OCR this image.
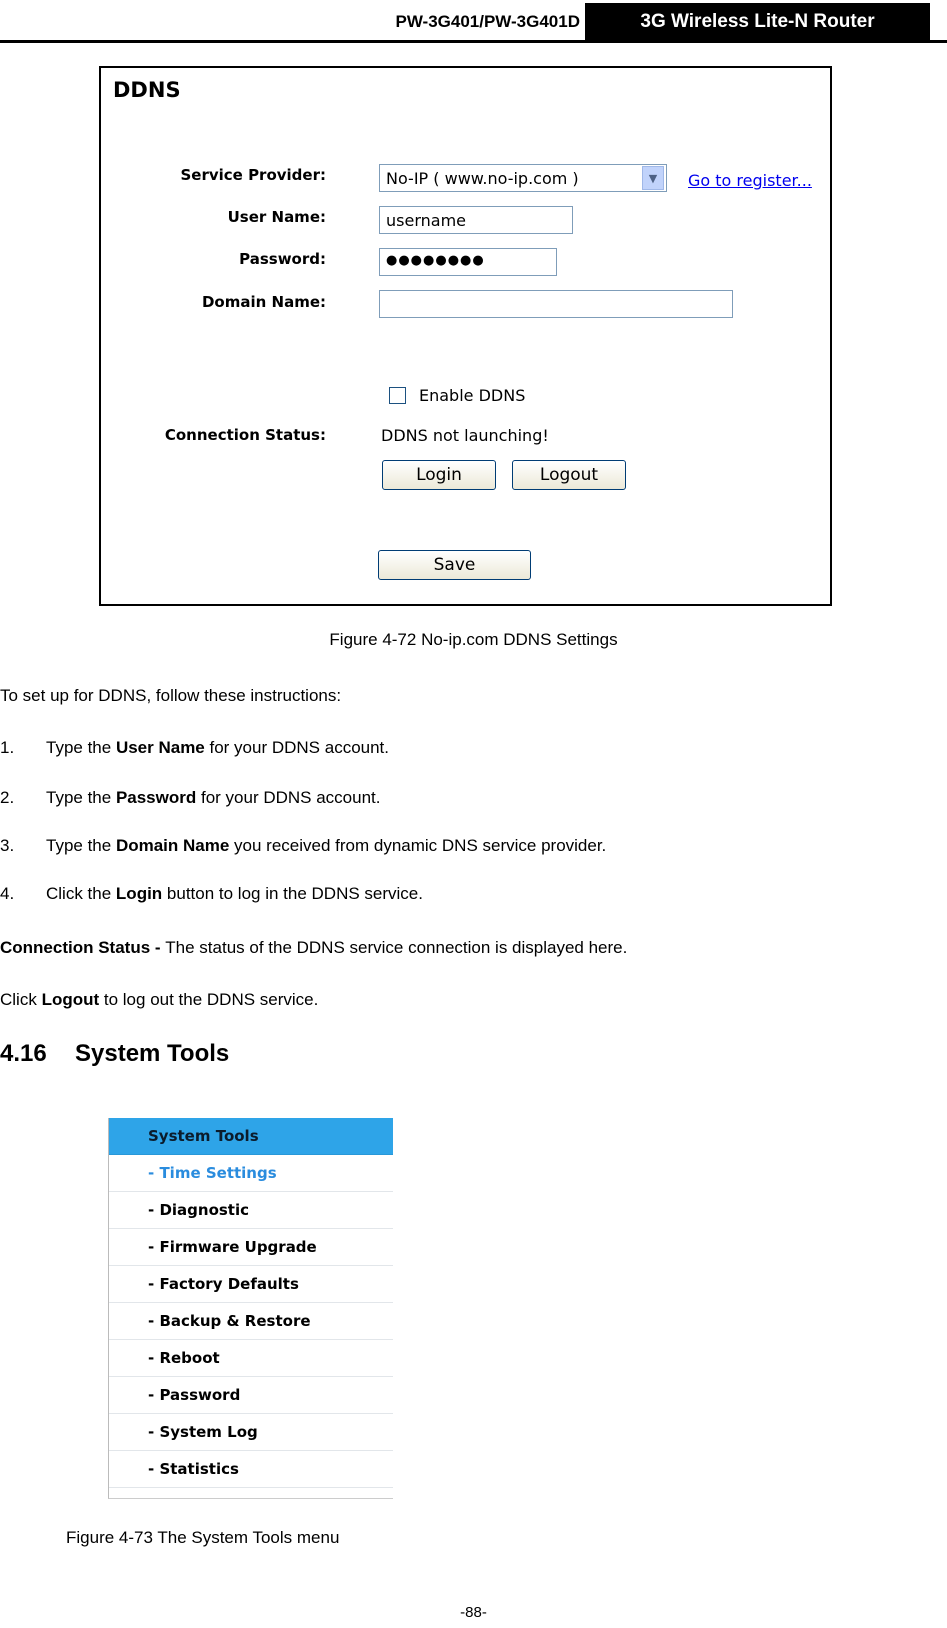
PW-3G401/PW-3G401D	3G Wireless Lite-N Router
DDNS
Service Provider:	No-IP ( www.no-ip.com )	▼	Go to register...
User Name:	username
Password:	●●●●●●●●
Domain Name:
Enable DDNS
Connection Status:	DDNS not launching!
Login	Logout
Save
Figure 4-72 No-ip.com DDNS Settings
To set up for DDNS, follow these instructions:
1. Type the User Name for your DDNS account.
2. Type the Password for your DDNS account.
3. Type the Domain Name you received from dynamic DNS service provider.
4. Click the Login button to log in the DDNS service.
Connection Status - The status of the DDNS service connection is displayed here.
Click Logout to log out the DDNS service.
4.16 System Tools
System Tools
- Time Settings
- Diagnostic
- Firmware Upgrade
- Factory Defaults
- Backup & Restore
- Reboot
- Password
- System Log
- Statistics
Figure 4-73 The System Tools menu
-88-
